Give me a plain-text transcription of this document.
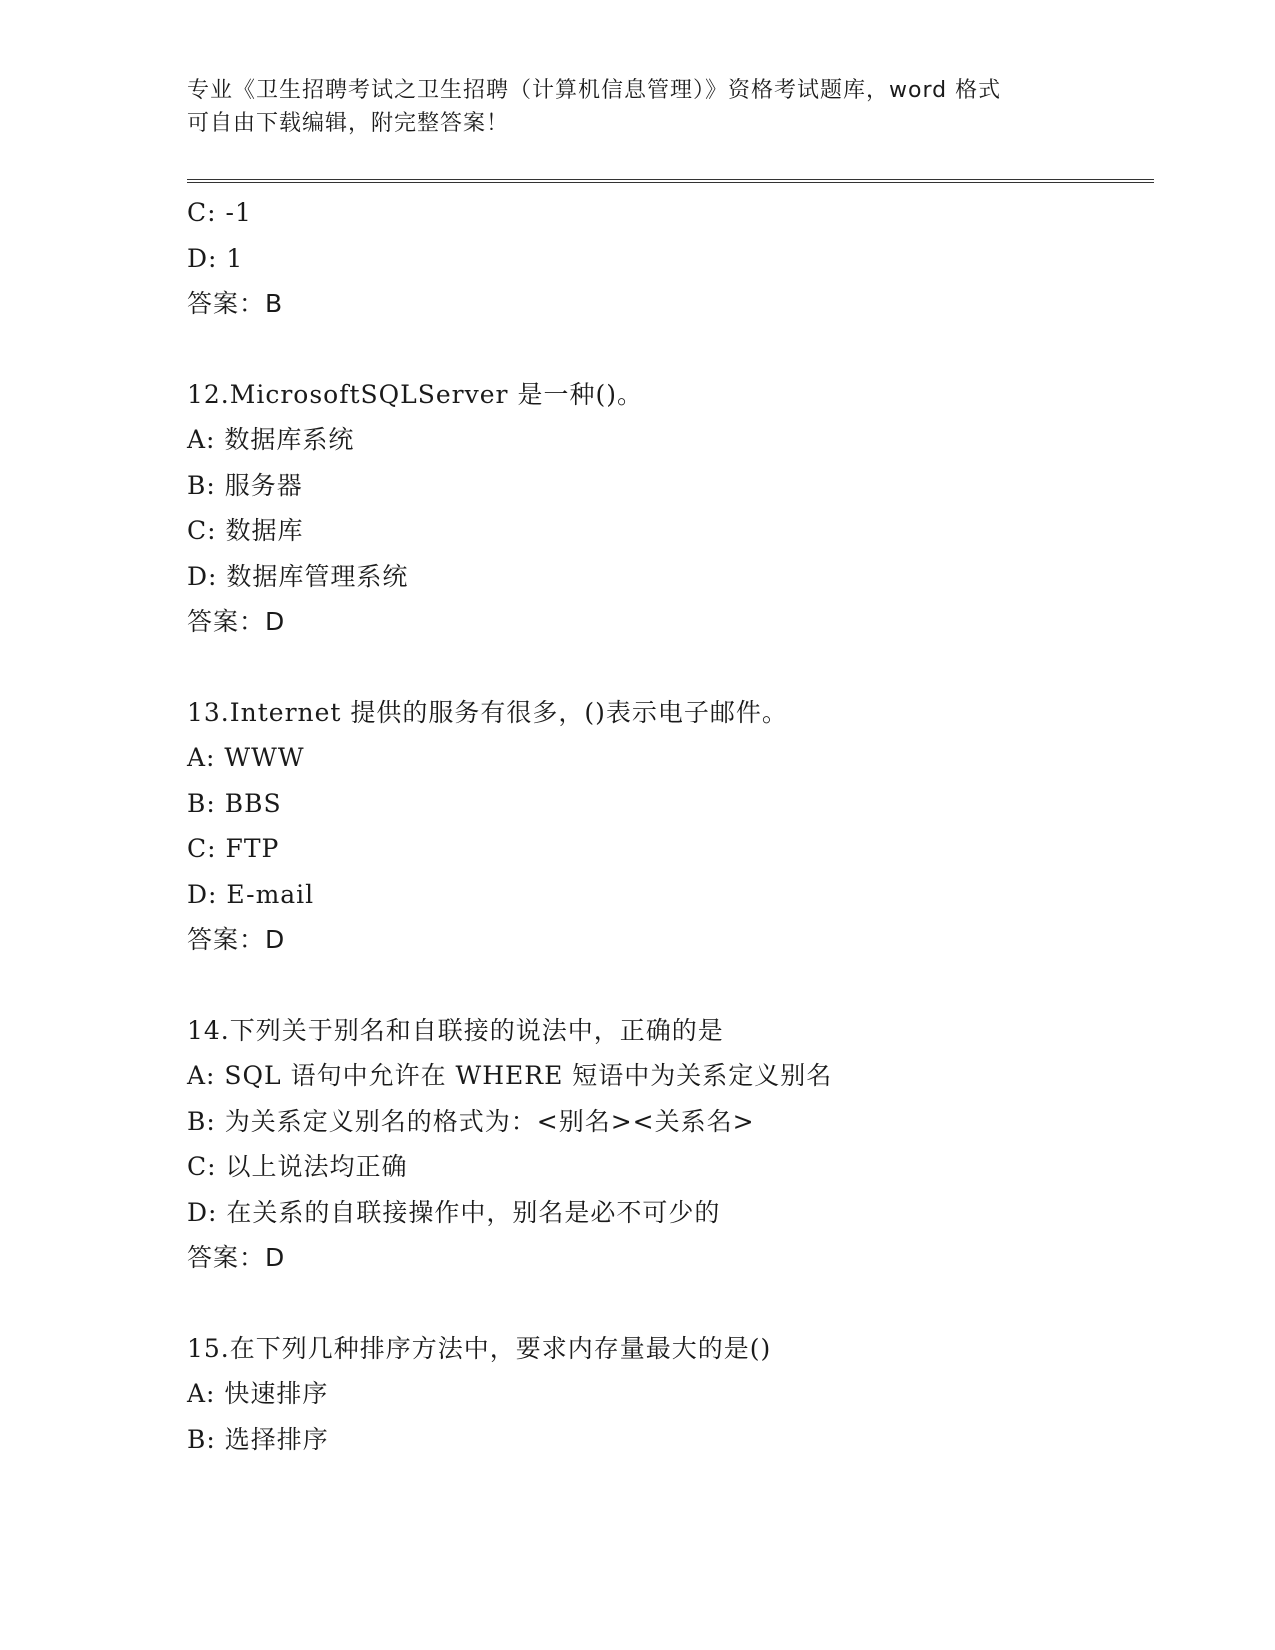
专业《卫生招聘考试之卫生招聘（计算机信息管理）》资格考试题库，word 格式
可自由下载编辑，附完整答案！
C: -1
D: 1
答案：B
12.MicrosoftSQLServer 是一种()。
A: 数据库系统
B: 服务器
C: 数据库
D: 数据库管理系统
答案：D
13.Internet 提供的服务有很多，()表示电子邮件。
A: WWW
B: BBS
C: FTP
D: E-mail
答案：D
14.下列关于别名和自联接的说法中，正确的是
A: SQL 语句中允许在 WHERE 短语中为关系定义别名
B: 为关系定义别名的格式为：<别名><关系名>
C: 以上说法均正确
D: 在关系的自联接操作中，别名是必不可少的
答案：D
15.在下列几种排序方法中，要求内存量最大的是()
A: 快速排序
B: 选择排序
